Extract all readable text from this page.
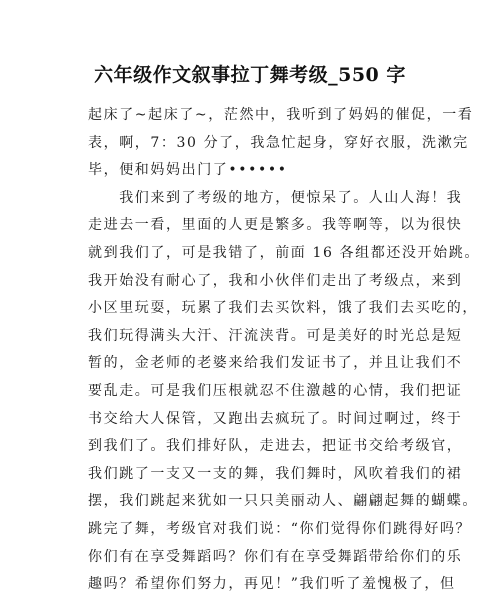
六年级作文叙事拉丁舞考级_550 字
起床了~起床了~，茫然中，我听到了妈妈的催促，一看
表，啊，7：30 分了，我急忙起身，穿好衣服，洗漱完
毕，便和妈妈出门了••••••
　　我们来到了考级的地方，便惊呆了。人山人海！我
走进去一看，里面的人更是繁多。我等啊等，以为很快
就到我们了，可是我错了，前面 16 各组都还没开始跳。
我开始没有耐心了，我和小伙伴们走出了考级点，来到
小区里玩耍，玩累了我们去买饮料，饿了我们去买吃的，
我们玩得满头大汗、汗流浃背。可是美好的时光总是短
暂的，金老师的老婆来给我们发证书了，并且让我们不
要乱走。可是我们压根就忍不住激越的心情，我们把证
书交给大人保管，又跑出去疯玩了。时间过啊过，终于
到我们了。我们排好队，走进去，把证书交给考级官，
我们跳了一支又一支的舞，我们舞时，风吹着我们的裙
摆，我们跳起来犹如一只只美丽动人、翩翩起舞的蝴蝶。
跳完了舞，考级官对我们说：“你们觉得你们跳得好吗？
你们有在享受舞蹈吗？你们有在享受舞蹈带给你们的乐
趣吗？希望你们努力，再见！”我们听了羞愧极了，但
